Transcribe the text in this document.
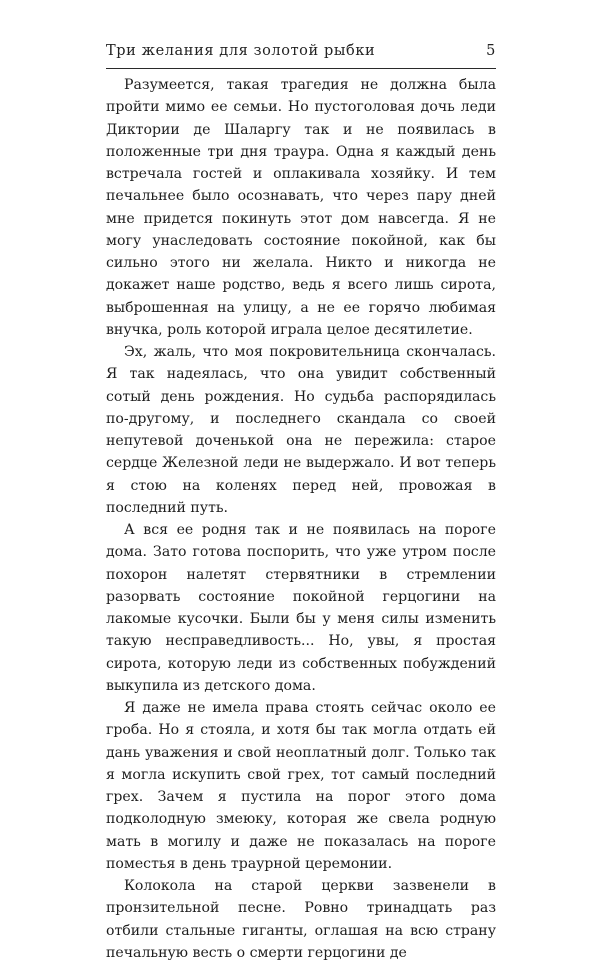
Три желания для золотой рыбки	5

Разумеется, такая трагедия не должна была пройти мимо ее семьи. Но пустоголовая дочь леди Диктории де Шаларгу так и не появилась в положенные три дня траура. Одна я каждый день встречала гостей и оплакивала хозяйку. И тем печальнее было осознавать, что через пару дней мне придется покинуть этот дом навсегда. Я не могу унаследовать состояние покойной, как бы сильно этого ни желала. Никто и никогда не докажет наше родство, ведь я всего лишь сирота, выброшенная на улицу, а не ее горячо любимая внучка, роль которой играла целое десятилетие.

Эх, жаль, что моя покровительница скончалась. Я так надеялась, что она увидит собственный сотый день рождения. Но судьба распорядилась по-другому, и последнего скандала со своей непутевой доченькой она не пережила: старое сердце Железной леди не выдержало. И вот теперь я стою на коленях перед ней, провожая в последний путь.

А вся ее родня так и не появилась на пороге дома. Зато готова поспорить, что уже утром после похорон налетят стервятники в стремлении разорвать состояние покойной герцогини на лакомые кусочки. Были бы у меня силы изменить такую несправедливость... Но, увы, я простая сирота, которую леди из собственных побуждений выкупила из детского дома.

Я даже не имела права стоять сейчас около ее гроба. Но я стояла, и хотя бы так могла отдать ей дань уважения и свой неоплатный долг. Только так я могла искупить свой грех, тот самый последний грех. Зачем я пустила на порог этого дома подколодную змеюку, которая же свела родную мать в могилу и даже не показалась на пороге поместья в день траурной церемонии.

Колокола на старой церкви зазвенели в пронзительной песне. Ровно тринадцать раз отбили стальные гиганты, оглашая на всю страну печальную весть о смерти герцогини де
